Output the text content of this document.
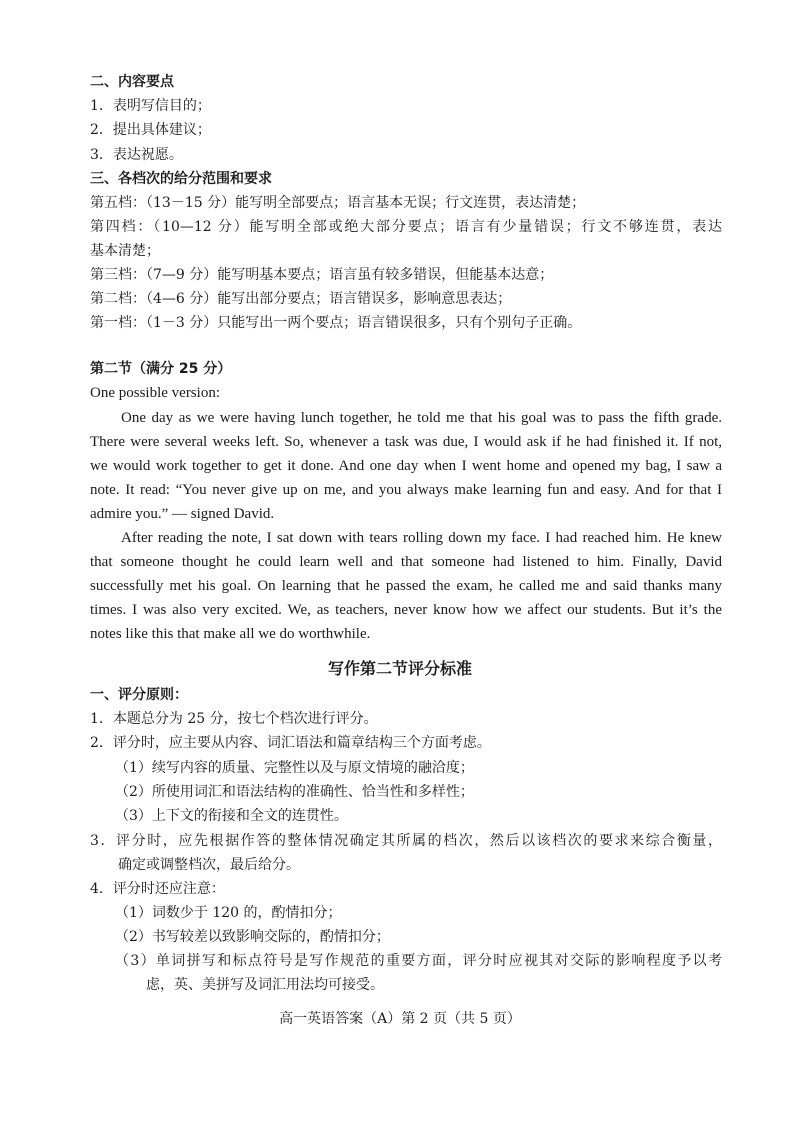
二、内容要点
1．表明写信目的；
2．提出具体建议；
3．表达祝愿。
三、各档次的给分范围和要求
第五档：（13－15 分）能写明全部要点；语言基本无误；行文连贯，表达清楚；
第四档：（10—12 分）能写明全部或绝大部分要点；语言有少量错误；行文不够连贯，表达
基本清楚；
第三档：（7—9 分）能写明基本要点；语言虽有较多错误，但能基本达意；
第二档：（4—6 分）能写出部分要点；语言错误多，影响意思表达；
第一档：（1－3 分）只能写出一两个要点；语言错误很多，只有个别句子正确。
第二节（满分 25 分）
One possible version:
One day as we were having lunch together, he told me that his goal was to pass the fifth grade.
There were several weeks left. So, whenever a task was due, I would ask if he had finished it. If not,
we would work together to get it done. And one day when I went home and opened my bag, I saw a
note. It read: “You never give up on me, and you always make learning fun and easy. And for that I
admire you.” — signed David.
After reading the note, I sat down with tears rolling down my face. I had reached him. He knew
that someone thought he could learn well and that someone had listened to him. Finally, David
successfully met his goal. On learning that he passed the exam, he called me and said thanks many
times. I was also very excited. We, as teachers, never know how we affect our students. But it’s the
notes like this that make all we do worthwhile.
写作第二节评分标准
一、评分原则：
1．本题总分为 25 分，按七个档次进行评分。
2．评分时，应主要从内容、词汇语法和篇章结构三个方面考虑。
（1）续写内容的质量、完整性以及与原文情境的融洽度；
（2）所使用词汇和语法结构的准确性、恰当性和多样性；
（3）上下文的衔接和全文的连贯性。
3．评分时，应先根据作答的整体情况确定其所属的档次，然后以该档次的要求来综合衡量，
确定或调整档次，最后给分。
4．评分时还应注意：
（1）词数少于 120 的，酌情扣分；
（2）书写较差以致影响交际的，酌情扣分；
（3）单词拼写和标点符号是写作规范的重要方面，评分时应视其对交际的影响程度予以考
虑，英、美拼写及词汇用法均可接受。
高一英语答案（A）第 2 页（共 5 页）
